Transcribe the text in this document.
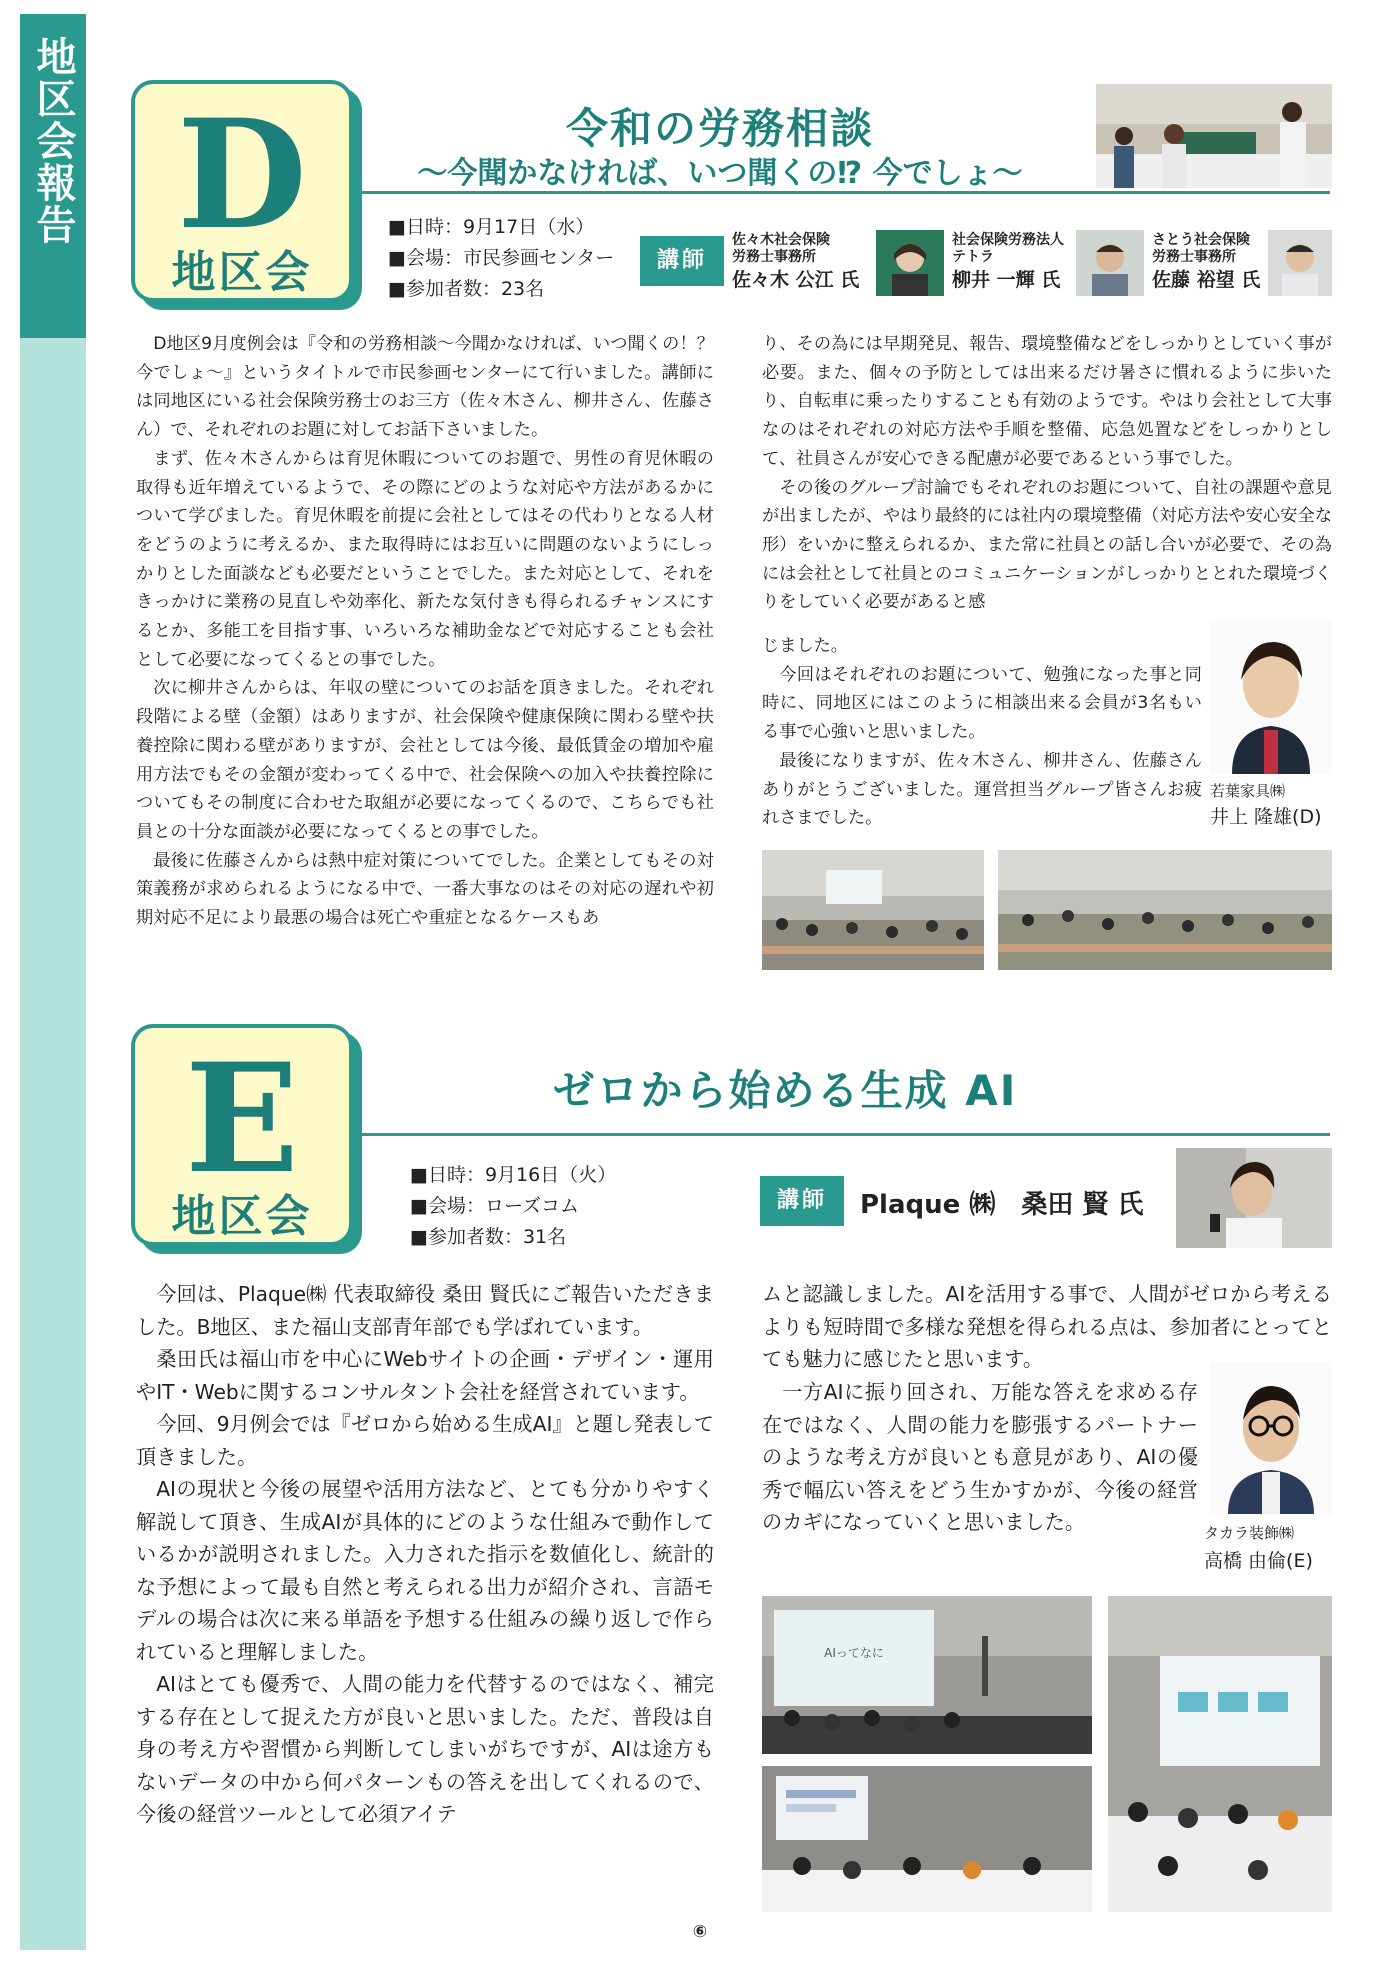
地区会報告 D
地区会
令和の労務相談
〜今聞かなければ、いつ聞くの⁉ 今でしょ〜
■日時：9月17日（水）
■会場：市民参画センター
■参加者数：23名
講師
佐々木社会保険
労務士事務所
佐々木 公江 氏
社会保険労務法人
テトラ
柳井 一輝 氏
さとう社会保険
労務士事務所
佐藤 裕望 氏

D地区9月度例会は『令和の労務相談〜今聞かなければ、いつ聞くの！？今でしょ〜』というタイトルで市民参画センターにて行いました。講師には同地区にいる社会保険労務士のお三方（佐々木さん、柳井さん、佐藤さん）で、それぞれのお題に対してお話下さいました。

まず、佐々木さんからは育児休暇についてのお題で、男性の育児休暇の取得も近年増えているようで、その際にどのような対応や方法があるかについて学びました。育児休暇を前提に会社としてはその代わりとなる人材をどうのように考えるか、また取得時にはお互いに問題のないようにしっかりとした面談なども必要だということでした。また対応として、それをきっかけに業務の見直しや効率化、新たな気付きも得られるチャンスにするとか、多能工を目指す事、いろいろな補助金などで対応することも会社として必要になってくるとの事でした。

次に柳井さんからは、年収の壁についてのお話を頂きました。それぞれ段階による壁（金額）はありますが、社会保険や健康保険に関わる壁や扶養控除に関わる壁がありますが、会社としては今後、最低賃金の増加や雇用方法でもその金額が変わってくる中で、社会保険への加入や扶養控除についてもその制度に合わせた取組が必要になってくるので、こちらでも社員との十分な面談が必要になってくるとの事でした。

最後に佐藤さんからは熱中症対策についてでした。企業としてもその対策義務が求められるようになる中で、一番大事なのはその対応の遅れや初期対応不足により最悪の場合は死亡や重症となるケースもあ

り、その為には早期発見、報告、環境整備などをしっかりとしていく事が必要。また、個々の予防としては出来るだけ暑さに慣れるように歩いたり、自転車に乗ったりすることも有効のようです。やはり会社として大事なのはそれぞれの対応方法や手順を整備、応急処置などをしっかりとして、社員さんが安心できる配慮が必要であるという事でした。

その後のグループ討論でもそれぞれのお題について、自社の課題や意見が出ましたが、やはり最終的には社内の環境整備（対応方法や安心安全な形）をいかに整えられるか、また常に社員との話し合いが必要で、その為には会社として社員とのコミュニケーションがしっかりととれた環境づくりをしていく必要があると感

じました。

今回はそれぞれのお題について、勉強になった事と同時に、同地区にはこのように相談出来る会員が3名もいる事で心強いと思いました。

最後になりますが、佐々木さん、柳井さん、佐藤さんありがとうございました。運営担当グループ皆さんお疲れさまでした。

若葉家具㈱
井上 隆雄(D)
E
地区会
ゼロから始める生成 AI
■日時：9月16日（火）
■会場：ローズコム
■参加者数：31名
講師	Plaque ㈱　桑田 賢 氏

今回は、Plaque㈱ 代表取締役 桑田 賢氏にご報告いただきました。B地区、また福山支部青年部でも学ばれています。

桑田氏は福山市を中心にWebサイトの企画・デザイン・運用やIT・Webに関するコンサルタント会社を経営されています。

今回、9月例会では『ゼロから始める生成AI』と題し発表して頂きました。

AIの現状と今後の展望や活用方法など、とても分かりやすく解説して頂き、生成AIが具体的にどのような仕組みで動作しているかが説明されました。入力された指示を数値化し、統計的な予想によって最も自然と考えられる出力が紹介され、言語モデルの場合は次に来る単語を予想する仕組みの繰り返しで作られていると理解しました。

AIはとても優秀で、人間の能力を代替するのではなく、補完する存在として捉えた方が良いと思いました。ただ、普段は自身の考え方や習慣から判断してしまいがちですが、AIは途方もないデータの中から何パターンもの答えを出してくれるので、今後の経営ツールとして必須アイテ

ムと認識しました。AIを活用する事で、人間がゼロから考えるよりも短時間で多様な発想を得られる点は、参加者にとってとても魅力に感じたと思います。

一方AIに振り回され、万能な答えを求める存在ではなく、人間の能力を膨張するパートナーのような考え方が良いとも意見があり、AIの優秀で幅広い答えをどう生かすかが、今後の経営のカギになっていくと思いました。	タカラ装飾㈱
高橋 由倫(E)
AIってなに
⑥
